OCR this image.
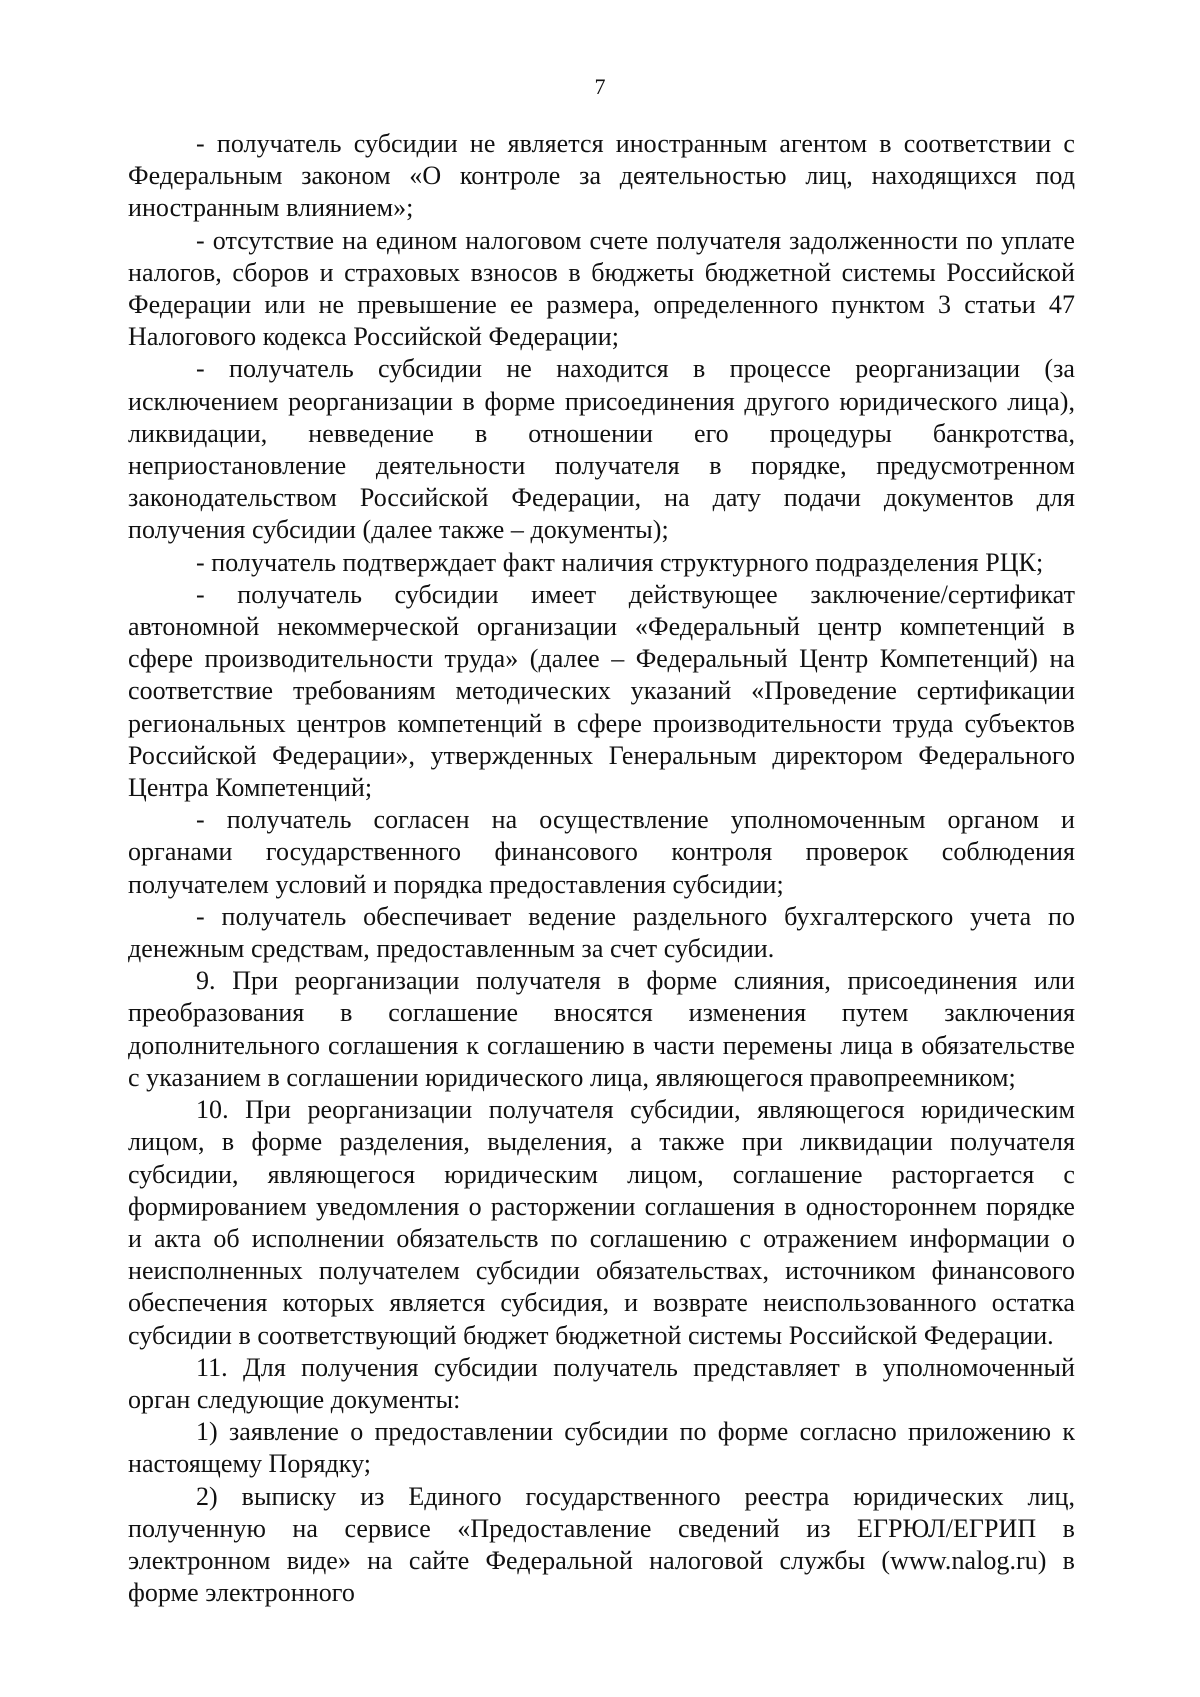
7

- получатель субсидии не является иностранным агентом в соответствии с Федеральным законом «О контроле за деятельностью лиц, находящихся под иностранным влиянием»;

- отсутствие на едином налоговом счете получателя задолженности по уплате налогов, сборов и страховых взносов в бюджеты бюджетной системы Российской Федерации или не превышение ее размера, определенного пунктом 3 статьи 47 Налогового кодекса Российской Федерации;

- получатель субсидии не находится в процессе реорганизации (за исключением реорганизации в форме присоединения другого юридического лица), ликвидации, невведение в отношении его процедуры банкротства, неприостановление деятельности получателя в порядке, предусмотренном законодательством Российской Федерации, на дату подачи документов для получения субсидии (далее также – документы);

- получатель подтверждает факт наличия структурного подразделения РЦК;

- получатель субсидии имеет действующее заключение/сертификат автономной некоммерческой организации «Федеральный центр компетенций в сфере производительности труда» (далее – Федеральный Центр Компетенций) на соответствие требованиям методических указаний «Проведение сертификации региональных центров компетенций в сфере производительности труда субъектов Российской Федерации», утвержденных Генеральным директором Федерального Центра Компетенций;

- получатель согласен на осуществление уполномоченным органом и органами государственного финансового контроля проверок соблюдения получателем условий и порядка предоставления субсидии;

- получатель обеспечивает ведение раздельного бухгалтерского учета по денежным средствам, предоставленным за счет субсидии.

9. При реорганизации получателя в форме слияния, присоединения или преобразования в соглашение вносятся изменения путем заключения дополнительного соглашения к соглашению в части перемены лица в обязательстве с указанием в соглашении юридического лица, являющегося правопреемником;

10. При реорганизации получателя субсидии, являющегося юридическим лицом, в форме разделения, выделения, а также при ликвидации получателя субсидии, являющегося юридическим лицом, соглашение расторгается с формированием уведомления о расторжении соглашения в одностороннем порядке и акта об исполнении обязательств по соглашению с отражением информации о неисполненных получателем субсидии обязательствах, источником финансового обеспечения которых является субсидия, и возврате неиспользованного остатка субсидии в соответствующий бюджет бюджетной системы Российской Федерации.

11. Для получения субсидии получатель представляет в уполномоченный орган следующие документы:

1) заявление о предоставлении субсидии по форме согласно приложению к настоящему Порядку;

2) выписку из Единого государственного реестра юридических лиц, полученную на сервисе «Предоставление сведений из ЕГРЮЛ/ЕГРИП в электронном виде» на сайте Федеральной налоговой службы (www.nalog.ru) в форме электронного
